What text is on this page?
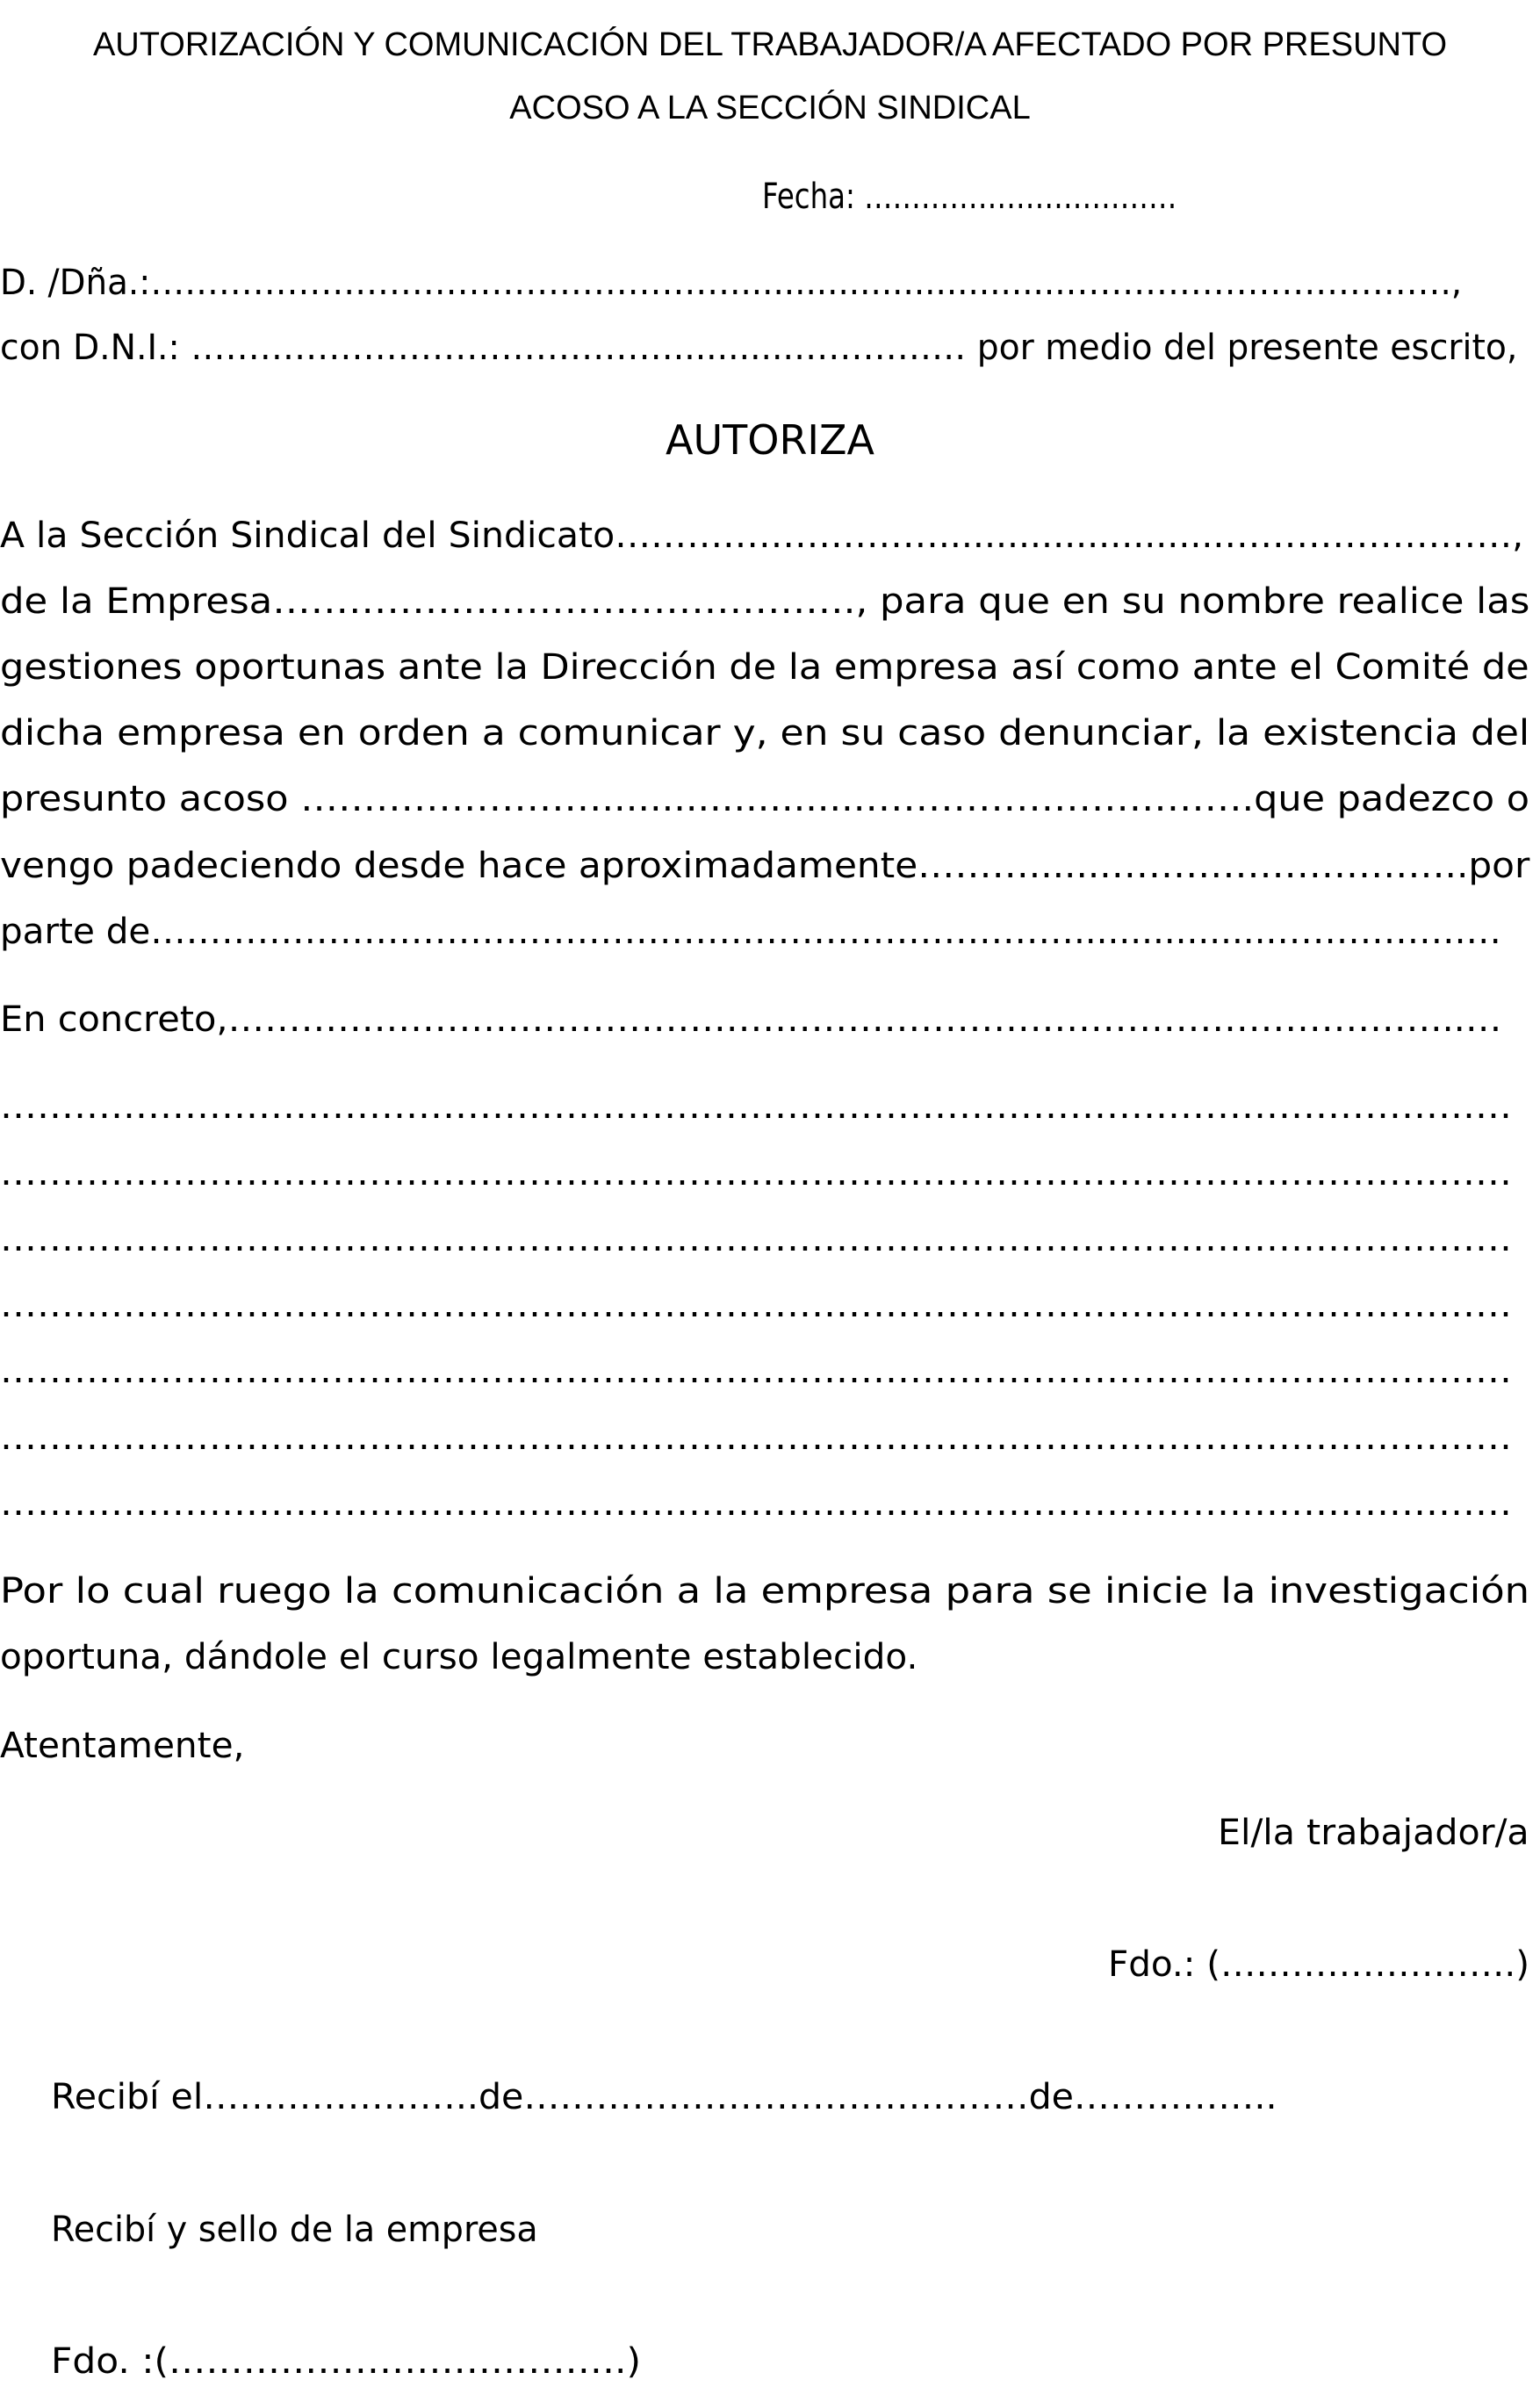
AUTORIZACIÓN Y COMUNICACIÓN DEL TRABAJADOR/A AFECTADO POR PRESUNTO
ACOSO A LA SECCIÓN SINDICAL
Fecha: ……………………………
D. /Dña.:……………………………………………...............................…………………………….,
con D.N.I.: ……………………………………...........…………… por medio del presente escrito,
AUTORIZA
A la Sección Sindical del Sindicato……………………….........................……………………,
de la Empresa………………………………………., para que en su nombre realice las
gestiones oportunas ante la Dirección de la empresa así como ante el Comité de
dicha empresa en orden a comunicar y, en su caso denunciar, la existencia del
presunto acoso ……………………......................………………………….que padezco o
vengo padeciendo desde hace aproximadamente……….......………………………..por
parte de……………………………………………………………………..................…………….…
En concreto,………………………………………………………………………………………...…
……………………………………………………………………………………………………………
……………………………………………………………………………………………………………
……………………………………………………………………………………………………………
……………………………………………………………………………………………………………
……………………………………………………………………………………………………………
……………………………………………………………………………………………………………
……………………………………………………………………………………………………………
Por lo cual ruego la comunicación a la empresa para se inicie la investigación
oportuna, dándole el curso legalmente establecido.
Atentamente,
El/la trabajador/a
Fdo.: (…………………….)
Recibí el…………………..de……………………………………de……………..
Recibí y sello de la empresa
Fdo. :(……………………………….)
